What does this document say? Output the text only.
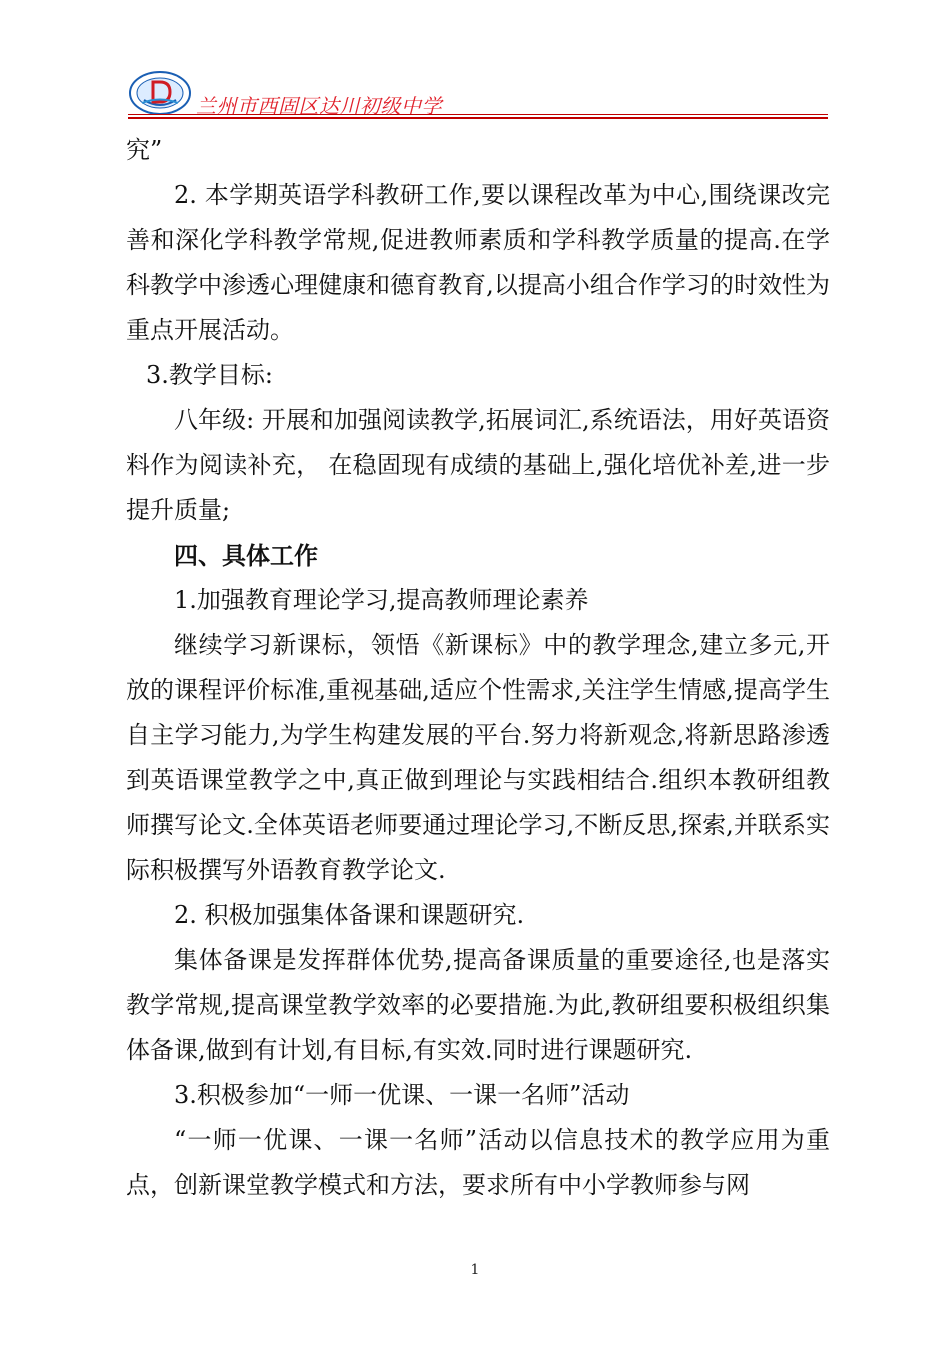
兰州市西固区达川初级中学

究”

2. 本学期英语学科教研工作,要以课程改革为中心,围绕课改完善和深化学科教学常规,促进教师素质和学科教学质量的提高.在学科教学中渗透心理健康和德育教育,以提高小组合作学习的时效性为重点开展活动。

3.教学目标:

八年级: 开展和加强阅读教学,拓展词汇,系统语法，用好英语资料作为阅读补充， 在稳固现有成绩的基础上,强化培优补差,进一步提升质量;

四、具体工作

1.加强教育理论学习,提高教师理论素养

继续学习新课标，领悟《新课标》中的教学理念,建立多元,开放的课程评价标准,重视基础,适应个性需求,关注学生情感,提高学生自主学习能力,为学生构建发展的平台.努力将新观念,将新思路渗透到英语课堂教学之中,真正做到理论与实践相结合.组织本教研组教师撰写论文.全体英语老师要通过理论学习,不断反思,探索,并联系实际积极撰写外语教育教学论文.

2. 积极加强集体备课和课题研究.

集体备课是发挥群体优势,提高备课质量的重要途径,也是落实教学常规,提高课堂教学效率的必要措施.为此,教研组要积极组织集体备课,做到有计划,有目标,有实效.同时进行课题研究.

3.积极参加“一师一优课、一课一名师”活动

“一师一优课、一课一名师”活动以信息技术的教学应用为重点，创新课堂教学模式和方法，要求所有中小学教师参与网

1
